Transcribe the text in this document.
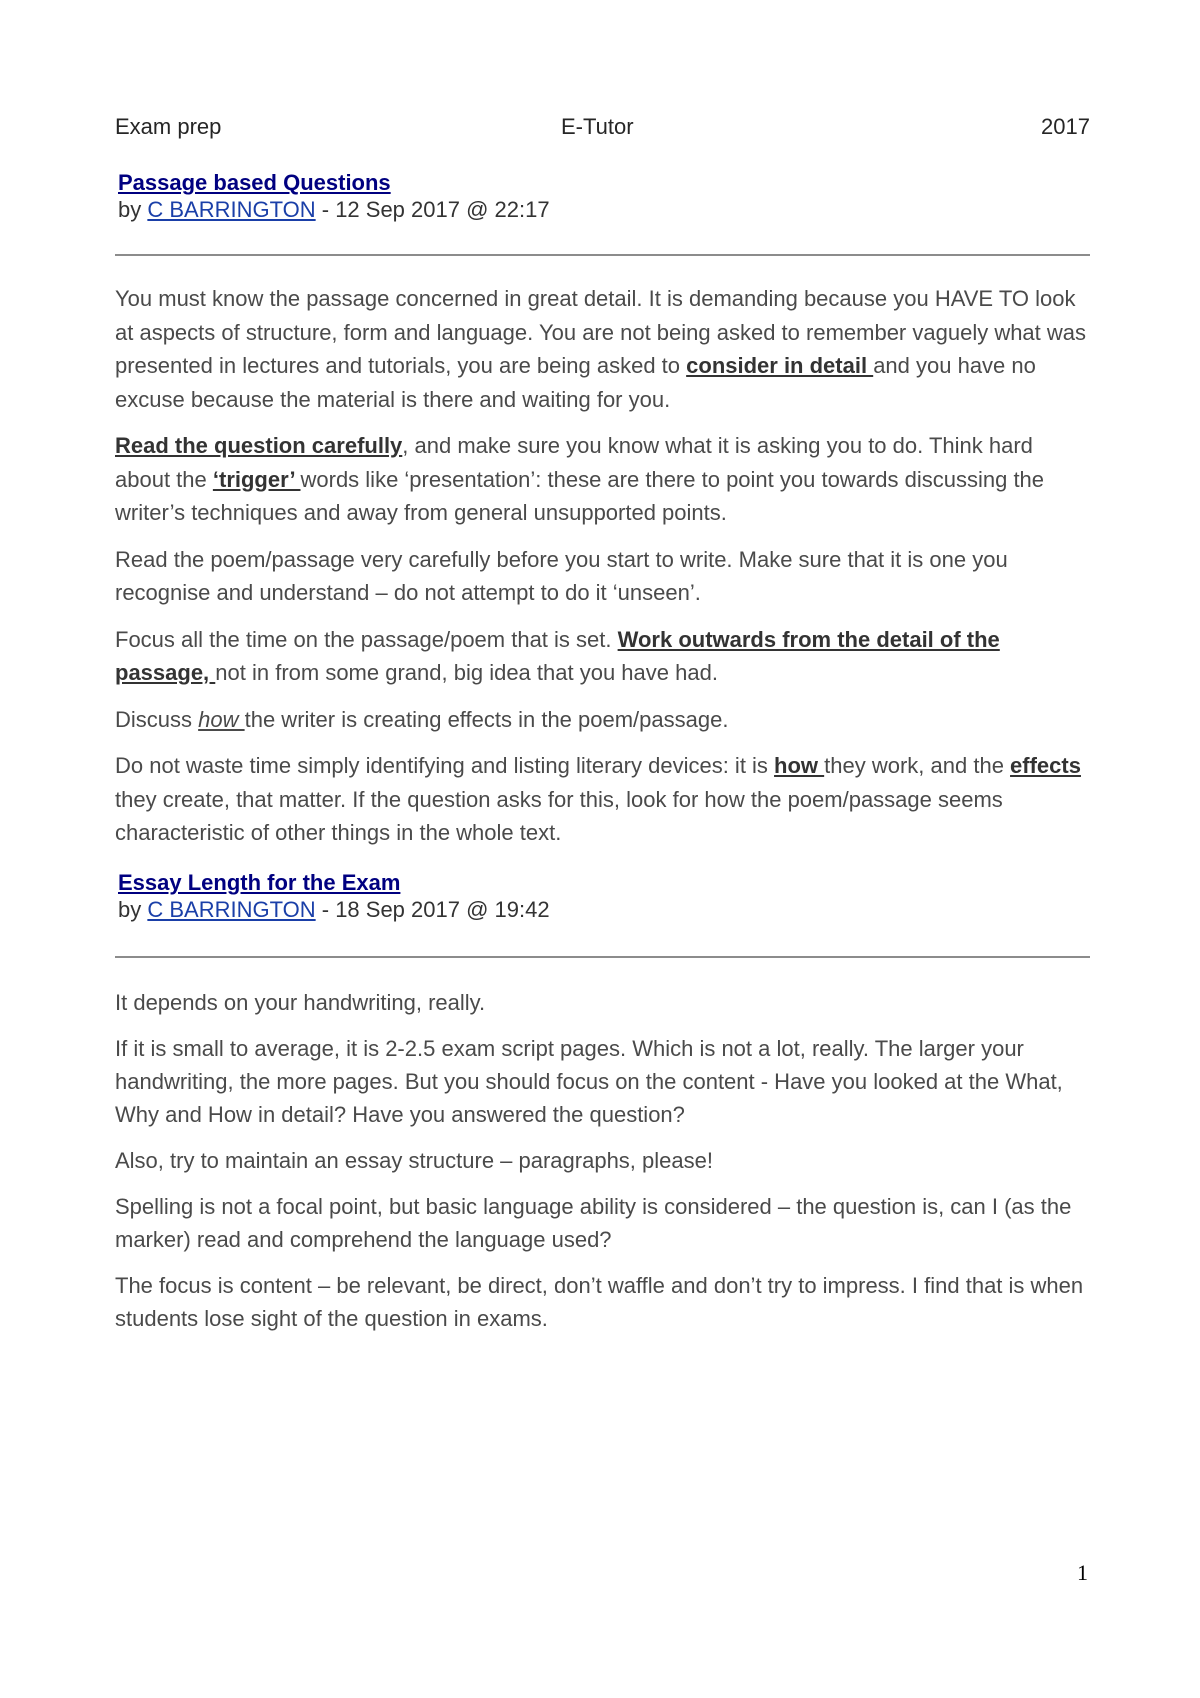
Exam prep	E-Tutor	2017
Passage based Questions
by C BARRINGTON - 12 Sep 2017 @ 22:17

You must know the passage concerned in great detail. It is demanding because you HAVE TO look at aspects of structure, form and language. You are not being asked to remember vaguely what was presented in lectures and tutorials, you are being asked to consider in detail and you have no excuse because the material is there and waiting for you.

Read the question carefully, and make sure you know what it is asking you to do. Think hard about the ‘trigger’ words like ‘presentation’: these are there to point you towards discussing the writer’s techniques and away from general unsupported points.

Read the poem/passage very carefully before you start to write. Make sure that it is one you recognise and understand – do not attempt to do it ‘unseen’.

Focus all the time on the passage/poem that is set. Work outwards from the detail of the passage, not in from some grand, big idea that you have had.

Discuss how the writer is creating effects in the poem/passage.

Do not waste time simply identifying and listing literary devices: it is how they work, and the effects they create, that matter. If the question asks for this, look for how the poem/passage seems characteristic of other things in the whole text.

Essay Length for the Exam
by C BARRINGTON - 18 Sep 2017 @ 19:42

It depends on your handwriting, really.

If it is small to average, it is 2-2.5 exam script pages. Which is not a lot, really. The larger your handwriting, the more pages. But you should focus on the content - Have you looked at the What, Why and How in detail? Have you answered the question?

Also, try to maintain an essay structure – paragraphs, please!

Spelling is not a focal point, but basic language ability is considered – the question is, can I (as the marker) read and comprehend the language used?

The focus is content – be relevant, be direct, don’t waffle and don’t try to impress. I find that is when students lose sight of the question in exams.

1
